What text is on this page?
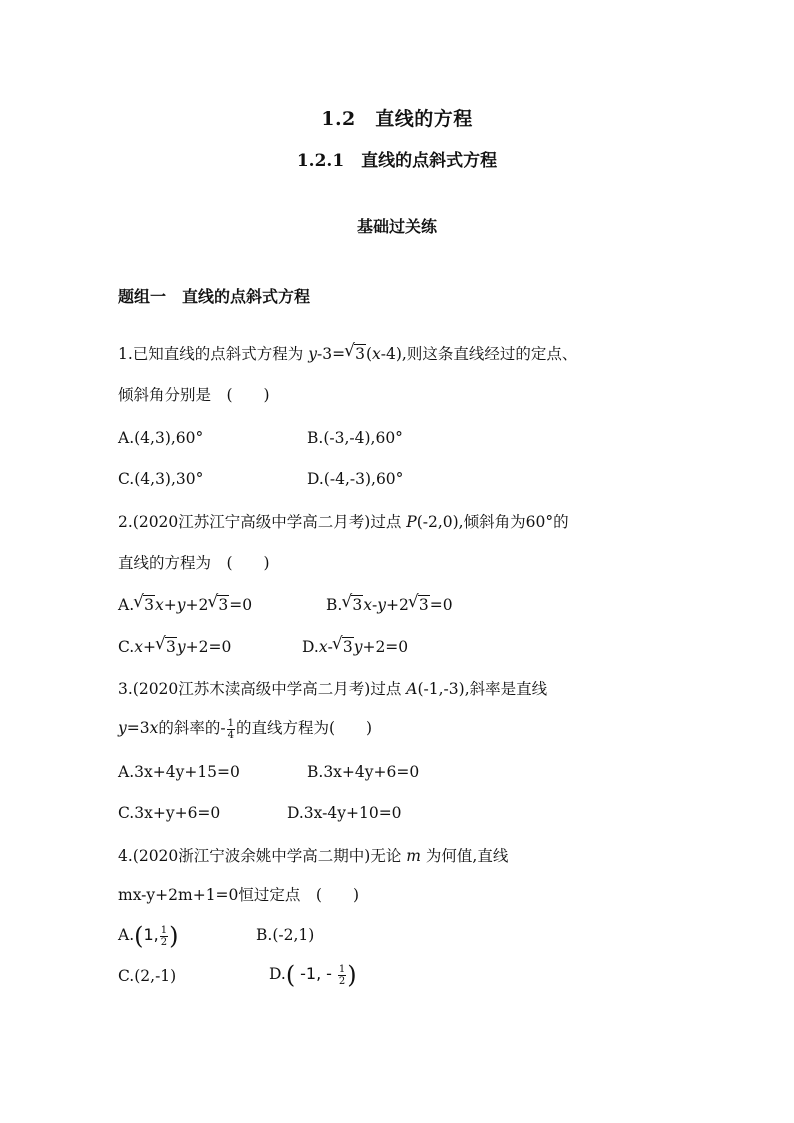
1.2　直线的方程
1.2.1　直线的点斜式方程
基础过关练
题组一　直线的点斜式方程
1.已知直线的点斜式方程为 y-3= √ 3(x-4),则这条直线经过的定点、
倾斜角分别是　(　　)
A.(4,3),60°	B.(-3,-4),60°
C.(4,3),30°	D.(-4,-3),60°
2.(2020江苏江宁高级中学高二月考)过点 P(-2,0),倾斜角为60°的
直线的方程为　(　　)
A. √ 3x+y+2 √ 3=0	B. √ 3x-y+2 √ 3=0
C.x+ √ 3y+2=0	D.x- √ 3y+2=0
3.(2020江苏木渎高级中学高二月考)过点 A(-1,-3),斜率是直线
y=3x的斜率的- $\frac{1}{4}$ 的直线方程为(　　)
A.3x+4y+15=0	B.3x+4y+6=0
C.3x+y+6=0	D.3x-4y+10=0
4.(2020浙江宁波余姚中学高二期中)无论 m 为何值,直线
mx-y+2m+1=0恒过定点　(　　)
A.(1, $\frac{1}{2}$ )	B.(-2,1)
C.(2,-1)	D.( -1, - $\frac{1}{2}$ )
